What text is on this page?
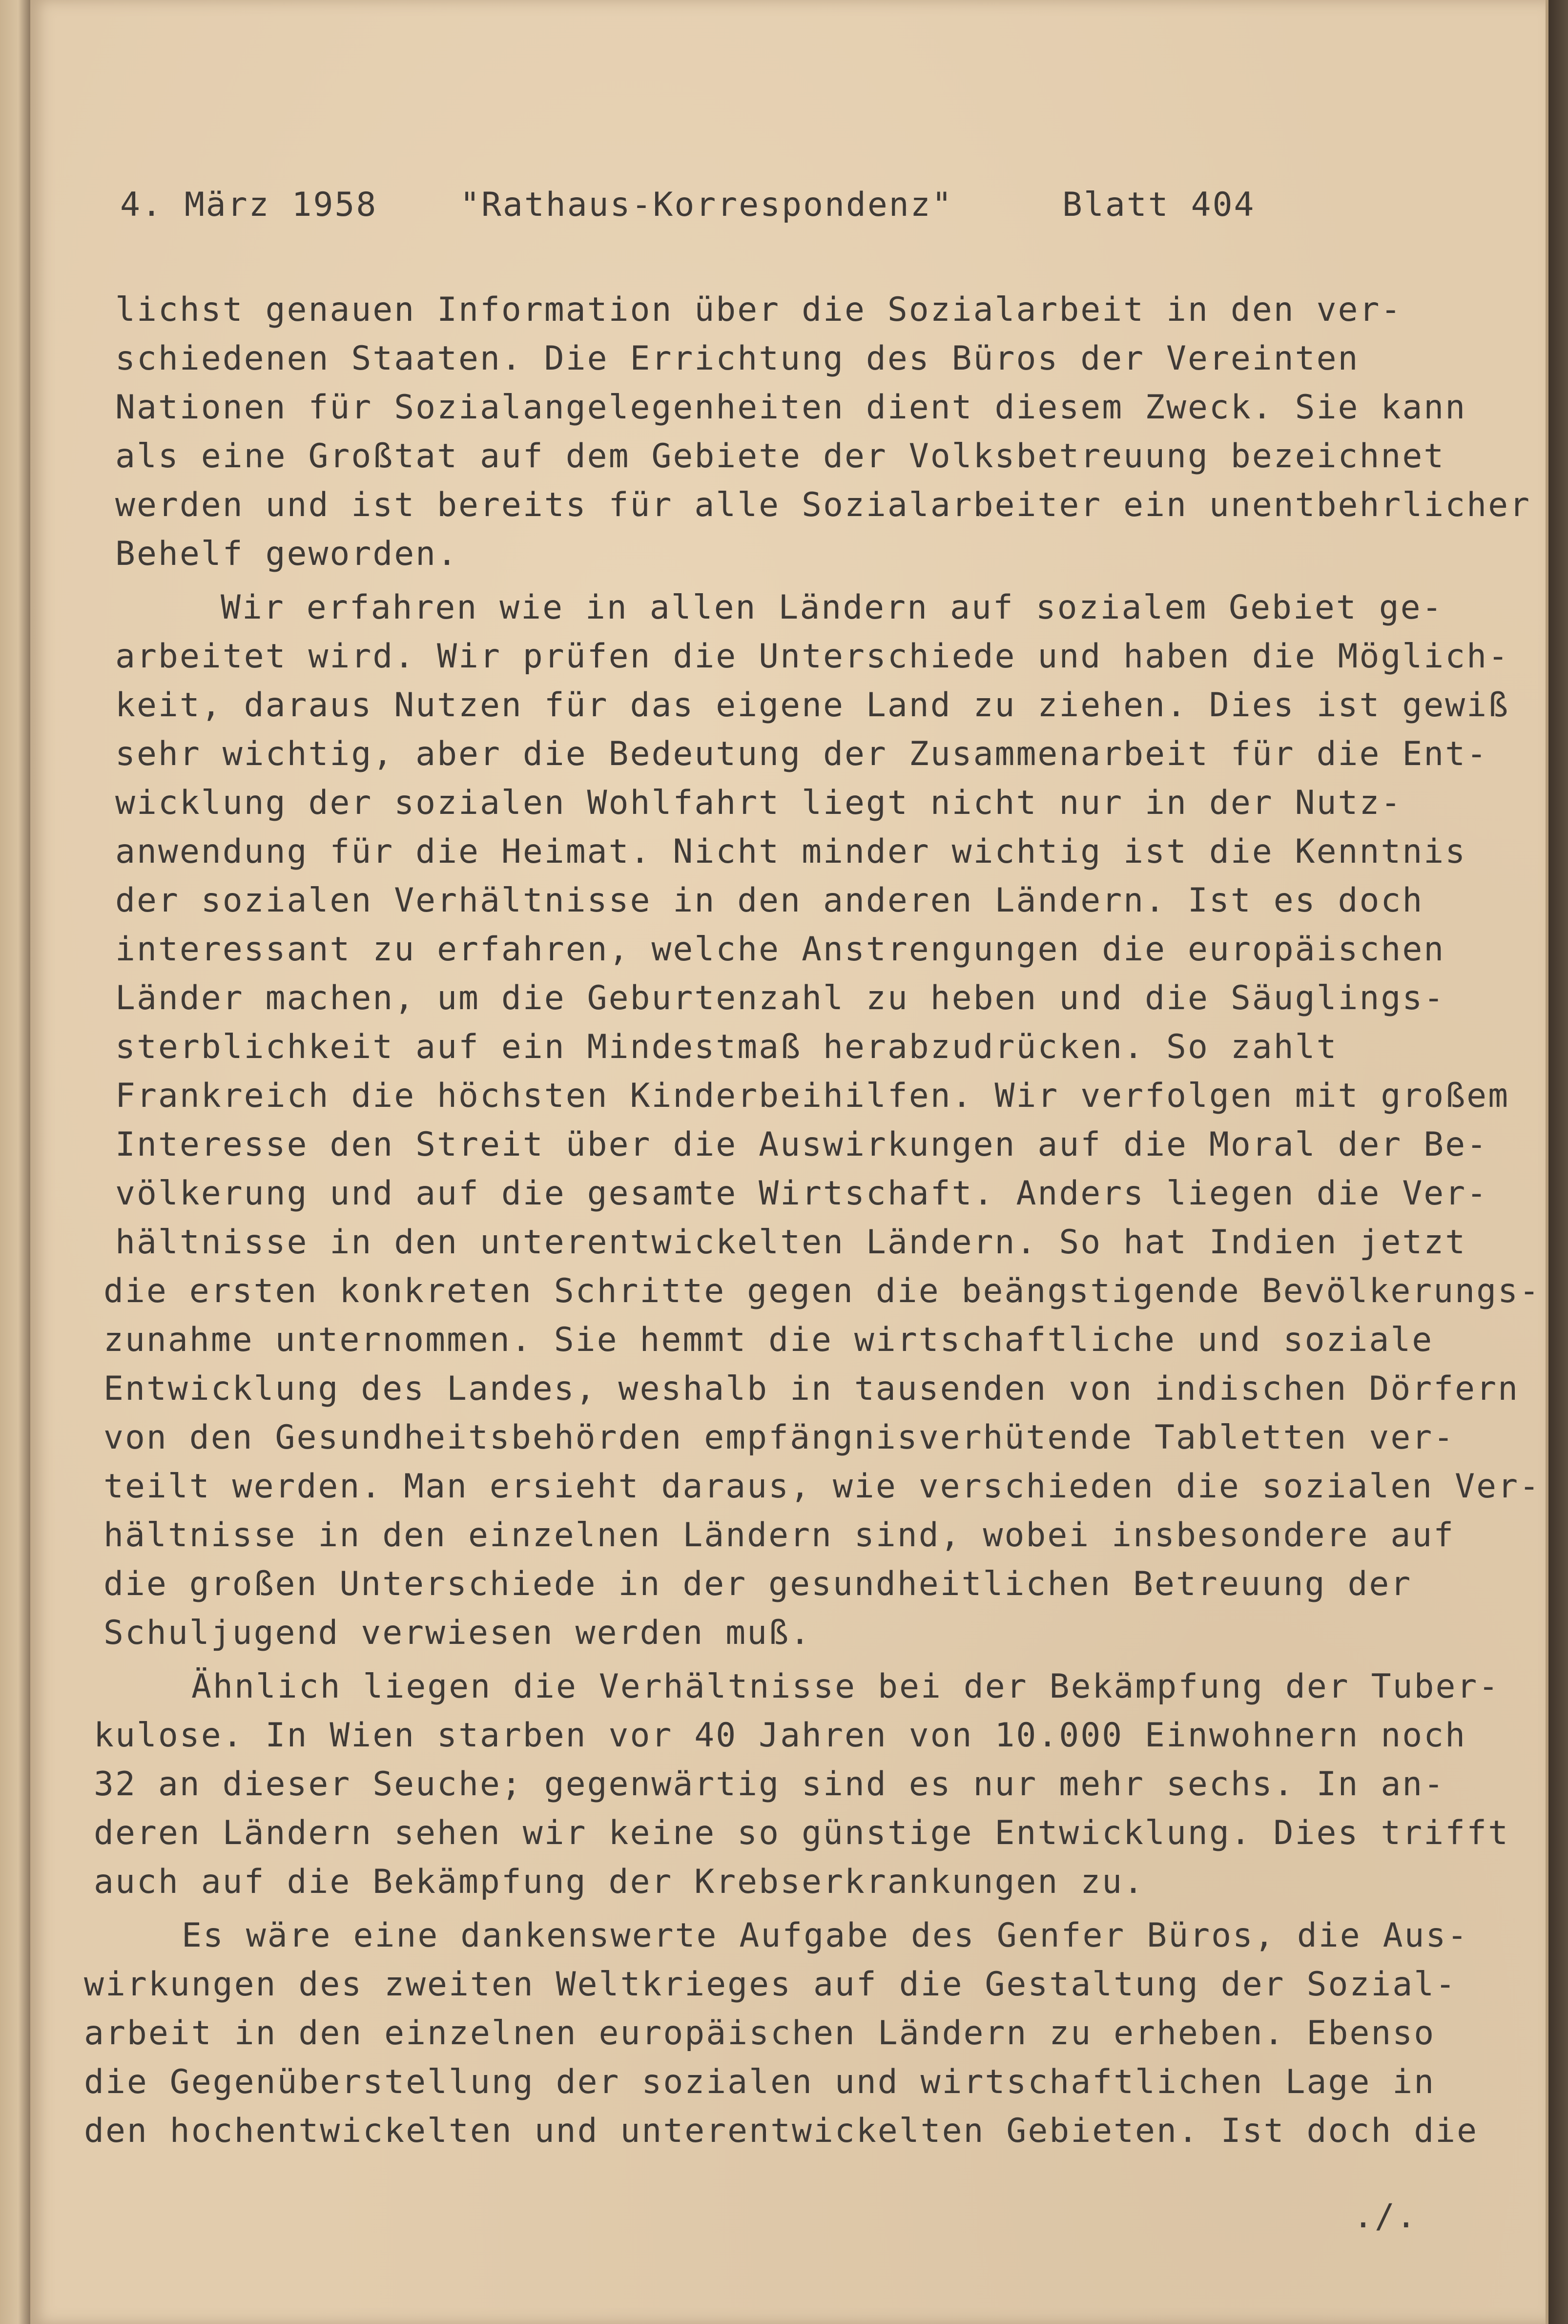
4. März 1958

"Rathaus-Korrespondenz"

	Blatt 404

lichst genauen Information über die Sozialarbeit in den ver-

schiedenen Staaten. Die Errichtung des Büros der Vereinten

Nationen für Sozialangelegenheiten dient diesem Zweck. Sie kann

als eine Großtat auf dem Gebiete der Volksbetreuung bezeichnet

werden und ist bereits für alle Sozialarbeiter ein unentbehrlicher

Behelf geworden.

Wir erfahren wie in allen Ländern auf sozialem Gebiet ge-

arbeitet wird. Wir prüfen die Unterschiede und haben die Möglich-

keit, daraus Nutzen für das eigene Land zu ziehen. Dies ist gewiß

sehr wichtig, aber die Bedeutung der Zusammenarbeit für die Ent-

wicklung der sozialen Wohlfahrt liegt nicht nur in der Nutz-

anwendung für die Heimat. Nicht minder wichtig ist die Kenntnis

der sozialen Verhältnisse in den anderen Ländern. Ist es doch

interessant zu erfahren, welche Anstrengungen die europäischen

Länder machen, um die Geburtenzahl zu heben und die Säuglings-

sterblichkeit auf ein Mindestmaß herabzudrücken. So zahlt

Frankreich die höchsten Kinderbeihilfen. Wir verfolgen mit großem

Interesse den Streit über die Auswirkungen auf die Moral der Be-

völkerung und auf die gesamte Wirtschaft. Anders liegen die Ver-

hältnisse in den unterentwickelten Ländern. So hat Indien jetzt

die ersten konkreten Schritte gegen die beängstigende Bevölkerungs-

zunahme unternommen. Sie hemmt die wirtschaftliche und soziale

Entwicklung des Landes, weshalb in tausenden von indischen Dörfern

von den Gesundheitsbehörden empfängnisverhütende Tabletten ver-

teilt werden. Man ersieht daraus, wie verschieden die sozialen Ver-

hältnisse in den einzelnen Ländern sind, wobei insbesondere auf

die großen Unterschiede in der gesundheitlichen Betreuung der

Schuljugend verwiesen werden muß.

Ähnlich liegen die Verhältnisse bei der Bekämpfung der Tuber-

kulose. In Wien starben vor 40 Jahren von 10.000 Einwohnern noch

32 an dieser Seuche; gegenwärtig sind es nur mehr sechs. In an-

deren Ländern sehen wir keine so günstige Entwicklung. Dies trifft

auch auf die Bekämpfung der Krebserkrankungen zu.

Es wäre eine dankenswerte Aufgabe des Genfer Büros, die Aus-

wirkungen des zweiten Weltkrieges auf die Gestaltung der Sozial-

arbeit in den einzelnen europäischen Ländern zu erheben. Ebenso

die Gegenüberstellung der sozialen und wirtschaftlichen Lage in

den hochentwickelten und unterentwickelten Gebieten. Ist doch die

./.
